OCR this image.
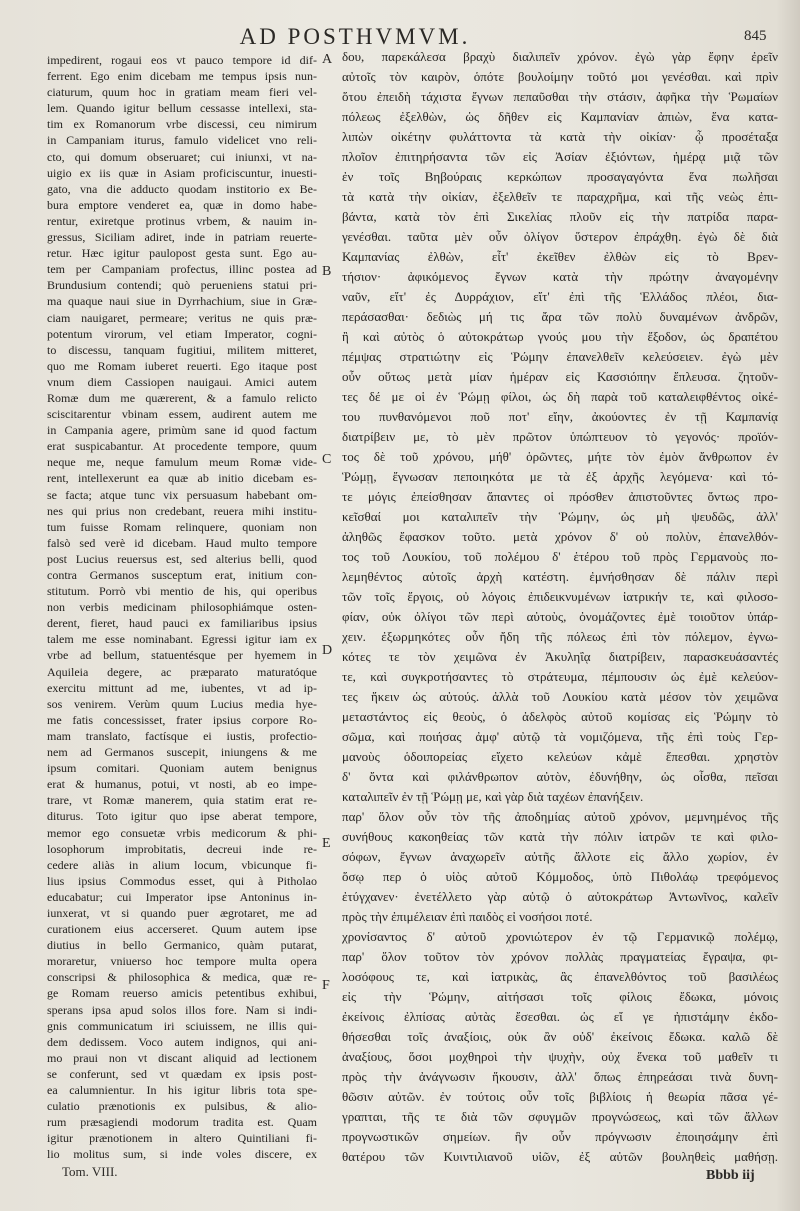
AD POSTHVMVM.	845
impedirent, rogaui eos vt pauco tempore id dif-
ferrent. Ego enim dicebam me tempus ipsis nun-
ciaturum, quum hoc in gratiam meam fieri vel-
lem. Quando igitur bellum cessasse intellexi, sta-
tim ex Romanorum vrbe discessi, ceu nimirum
in Campaniam iturus, famulo videlicet vno reli-
cto, qui domum obseruaret; cui iniunxi, vt na-
uigio ex iis quæ in Asiam proficiscuntur, inuesti-
gato, vna die adducto quodam institorio ex Be-
bura emptore venderet ea, quæ in domo habe-
rentur, exiretque protinus vrbem, & nauim in-
gressus, Siciliam adiret, inde in patriam reuerte-
retur. Hæc igitur paulopost gesta sunt. Ego au-
tem per Campaniam profectus, illinc postea ad
Brundusium contendi; quò perueniens statui pri-
ma quaque naui siue in Dyrrhachium, siue in Græ-
ciam nauigaret, permeare; veritus ne quis præ-
potentum virorum, vel etiam Imperator, cogni-
to discessu, tanquam fugitiui, militem mitteret,
quo me Romam iuberet reuerti. Ego itaque post
vnum diem Cassiopen nauigaui. Amici autem
Romæ dum me quærerent, & a famulo relicto
sciscitarentur vbinam essem, audirent autem me
in Campania agere, primùm sane id quod factum
erat suspicabantur. At procedente tempore, quum
neque me, neque famulum meum Romæ vide-
rent, intellexerunt ea quæ ab initio dicebam es-
se facta; atque tunc vix persuasum habebant om-
nes qui prius non credebant, reuera mihi institu-
tum fuisse Romam relinquere, quoniam non
falsò sed verè id dicebam. Haud multo tempore
post Lucius reuersus est, sed alterius belli, quod
contra Germanos susceptum erat, initium con-
stitutum. Porrò vbi mentio de his, qui operibus
non verbis medicinam philosophiámque osten-
derent, fieret, haud pauci ex familiaribus ipsius
talem me esse nominabant. Egressi igitur iam ex
vrbe ad bellum, statuentésque per hyemem in
Aquileia degere, ac præparato maturatóque
exercitu mittunt ad me, iubentes, vt ad ip-
sos venirem. Verùm quum Lucius media hye-
me fatis concessisset, frater ipsius corpore Ro-
mam translato, factísque ei iustis, profectio-
nem ad Germanos suscepit, iniungens & me
ipsum comitari. Quoniam autem benignus
erat & humanus, potui, vt nosti, ab eo impe-
trare, vt Romæ manerem, quia statim erat re-
diturus. Toto igitur quo ipse aberat tempore,
memor ego consuetæ vrbis medicorum & phi-
losophorum improbitatis, decreui inde re-
cedere aliàs in alium locum, vbicunque fi-
lius ipsius Commodus esset, qui à Pitholao
educabatur; cui Imperator ipse Antoninus in-
iunxerat, vt si quando puer ægrotaret, me ad
curationem eius accerseret. Quum autem ipse
diutius in bello Germanico, quàm putarat,
moraretur, vniuerso hoc tempore multa opera
conscripsi & philosophica & medica, quæ re-
ge Romam reuerso amicis petentibus exhibui,
sperans ipsa apud solos illos fore. Nam si indi-
gnis communicatum iri sciuissem, ne illis qui-
dem dedissem. Voco autem indignos, qui ani-
mo praui non vt discant aliquid ad lectionem
se conferunt, sed vt quædam ex ipsis post-
ea calumnientur. In his igitur libris tota spe-
culatio prænotionis ex pulsibus, & alio-
rum præsagiendi modorum tradita est. Quam
igitur prænotionem in altero Quintiliani fi-
lio molitus sum, si inde voles discere, ex
A
B
C
D
E
F
δου, παρεκάλεσα βραχὺ διαλιπεῖν χρόνον. ἐγὼ γὰρ ἔφην ἐρεῖν
αὐτοῖς τὸν καιρὸν, ὁπότε βουλοίμην τοῦτό μοι γενέσθαι. καὶ πρὶν
ὅτου ἐπειδὴ τάχιστα ἔγνων πεπαῦσθαι τὴν στάσιν, ἀφῆκα τὴν Ῥωμαίων
πόλεως ἐξελθὼν, ὡς δῆθεν εἰς Καμπανίαν ἀπιὼν, ἕνα κατα-
λιπὼν οἰκέτην φυλάττοντα τὰ κατὰ τὴν οἰκίαν· ᾧ προσέταξα
πλοῖον ἐπιτηρήσαντα τῶν εἰς Ἀσίαν ἐξιόντων, ἡμέρᾳ μιᾷ τῶν
ἐν τοῖς Βηβούραις κερκώπων προσαγαγόντα ἕνα πωλῆσαι
τὰ κατὰ τὴν οἰκίαν, ἐξελθεῖν τε παραχρῆμα, καὶ τῆς νεὼς ἐπι-
βάντα, κατὰ τὸν ἐπὶ Σικελίας πλοῦν εἰς τὴν πατρίδα παρα-
γενέσθαι. ταῦτα μὲν οὖν ὀλίγον ὕστερον ἐπράχθη. ἐγὼ δὲ διὰ
Καμπανίας ἐλθὼν, εἶτ' ἐκεῖθεν ἐλθὼν εἰς τὸ Βρεν-
τήσιον· ἀφικόμενος ἔγνων κατὰ τὴν πρώτην ἀναγομένην
ναῦν, εἴτ' ἐς Δυρράχιον, εἴτ' ἐπὶ τῆς Ἑλλάδος πλέοι, δια-
περάσασθαι· δεδιὼς μή τις ἄρα τῶν πολὺ δυναμένων ἀνδρῶν,
ἢ καὶ αὐτὸς ὁ αὐτοκράτωρ γνούς μου τὴν ἔξοδον, ὡς δραπέτου
πέμψας στρατιώτην εἰς Ῥώμην ἐπανελθεῖν κελεύσειεν. ἐγὼ μὲν
οὖν οὕτως μετὰ μίαν ἡμέραν εἰς Κασσιόπην ἔπλευσα. ζητοῦν-
τες δέ με οἱ ἐν Ῥώμῃ φίλοι, ὡς δὴ παρὰ τοῦ καταλειφθέντος οἰκέ-
του πυνθανόμενοι ποῦ ποτ' εἴην, ἀκούοντες ἐν τῇ Καμπανίᾳ
διατρίβειν με, τὸ μὲν πρῶτον ὑπώπτευον τὸ γεγονός· προϊόν-
τος δὲ τοῦ χρόνου, μήθ' ὁρῶντες, μήτε τὸν ἐμὸν ἄνθρωπον ἐν
Ῥώμῃ, ἔγνωσαν πεποιηκότα με τὰ ἐξ ἀρχῆς λεγόμενα· καὶ τό-
τε μόγις ἐπείσθησαν ἅπαντες οἱ πρόσθεν ἀπιστοῦντες ὄντως προ-
κεῖσθαί μοι καταλιπεῖν τὴν Ῥώμην, ὡς μὴ ψευδῶς, ἀλλ'
ἀληθῶς ἔφασκον τοῦτο. μετὰ χρόνον δ' οὐ πολὺν, ἐπανελθόν-
τος τοῦ Λουκίου, τοῦ πολέμου δ' ἑτέρου τοῦ πρὸς Γερμανοὺς πο-
λεμηθέντος αὐτοῖς ἀρχὴ κατέστη. ἐμνήσθησαν δὲ πάλιν περὶ
τῶν τοῖς ἔργοις, οὐ λόγοις ἐπιδεικνυμένων ἰατρικήν τε, καὶ φιλοσο-
φίαν, οὐκ ὀλίγοι τῶν περὶ αὐτοὺς, ὀνομάζοντες ἐμὲ τοιοῦτον ὑπάρ-
χειν. ἐξωρμηκότες οὖν ἤδη τῆς πόλεως ἐπὶ τὸν πόλεμον, ἐγνω-
κότες τε τὸν χειμῶνα ἐν Ἀκυληΐᾳ διατρίβειν, παρασκευάσαντές
τε, καὶ συγκροτήσαντες τὸ στράτευμα, πέμπουσιν ὡς ἐμὲ κελεύον-
τες ἥκειν ὡς αὐτούς. ἀλλὰ τοῦ Λουκίου κατὰ μέσον τὸν χειμῶνα
μεταστάντος εἰς θεοὺς, ὁ ἀδελφὸς αὐτοῦ κομίσας εἰς Ῥώμην τὸ
σῶμα, καὶ ποιήσας ἀμφ' αὐτῷ τὰ νομιζόμενα, τῆς ἐπὶ τοὺς Γερ-
μανοὺς ὁδοιπορείας εἴχετο κελεύων κἀμὲ ἕπεσθαι. χρηστὸν
δ' ὄντα καὶ φιλάνθρωπον αὐτὸν, ἐδυνήθην, ὡς οἶσθα, πεῖσαι
καταλιπεῖν ἐν τῇ Ῥώμῃ με, καὶ γὰρ διὰ ταχέων ἐπανήξειν.
παρ' ὅλον οὖν τὸν τῆς ἀποδημίας αὐτοῦ χρόνον, μεμνημένος τῆς
συνήθους κακοηθείας τῶν κατὰ τὴν πόλιν ἰατρῶν τε καὶ φιλο-
σόφων, ἔγνων ἀναχωρεῖν αὐτῆς ἄλλοτε εἰς ἄλλο χωρίον, ἐν
ὅσῳ περ ὁ υἱὸς αὐτοῦ Κόμμοδος, ὑπὸ Πιθολάῳ τρεφόμενος
ἐτύγχανεν· ἐνετέλλετο γὰρ αὐτῷ ὁ αὐτοκράτωρ Ἀντωνῖνος, καλεῖν
πρὸς τὴν ἐπιμέλειαν ἐπὶ παιδὸς εἰ νοσήσοι ποτέ.
χρονίσαντος δ' αὐτοῦ χρονιώτερον ἐν τῷ Γερμανικῷ πολέμῳ,
παρ' ὅλον τοῦτον τὸν χρόνον πολλὰς πραγματείας ἔγραψα, φι-
λοσόφους τε, καὶ ἰατρικὰς, ἃς ἐπανελθόντος τοῦ βασιλέως
εἰς τὴν Ῥώμην, αἰτήσασι τοῖς φίλοις ἔδωκα, μόνοις
ἐκείνοις ἐλπίσας αὐτὰς ἔσεσθαι. ὡς εἴ γε ἠπιστάμην ἐκδο-
θήσεσθαι τοῖς ἀναξίοις, οὐκ ἂν οὐδ' ἐκείνοις ἔδωκα. καλῶ δὲ
ἀναξίους, ὅσοι μοχθηροὶ τὴν ψυχὴν, οὐχ ἕνεκα τοῦ μαθεῖν τι
πρὸς τὴν ἀνάγνωσιν ἥκουσιν, ἀλλ' ὅπως ἐπηρεάσαι τινὰ δυνη-
θῶσιν αὐτῶν. ἐν τούτοις οὖν τοῖς βιβλίοις ἡ θεωρία πᾶσα γέ-
γραπται, τῆς τε διὰ τῶν σφυγμῶν προγνώσεως, καὶ τῶν ἄλλων
προγνωστικῶν σημείων. ἣν οὖν πρόγνωσιν ἐποιησάμην ἐπὶ
θατέρου τῶν Κυιντιλιανοῦ υἱῶν, ἐξ αὐτῶν βουληθεὶς μαθήσῃ.
Tom. VIII.	Bbbb iij
